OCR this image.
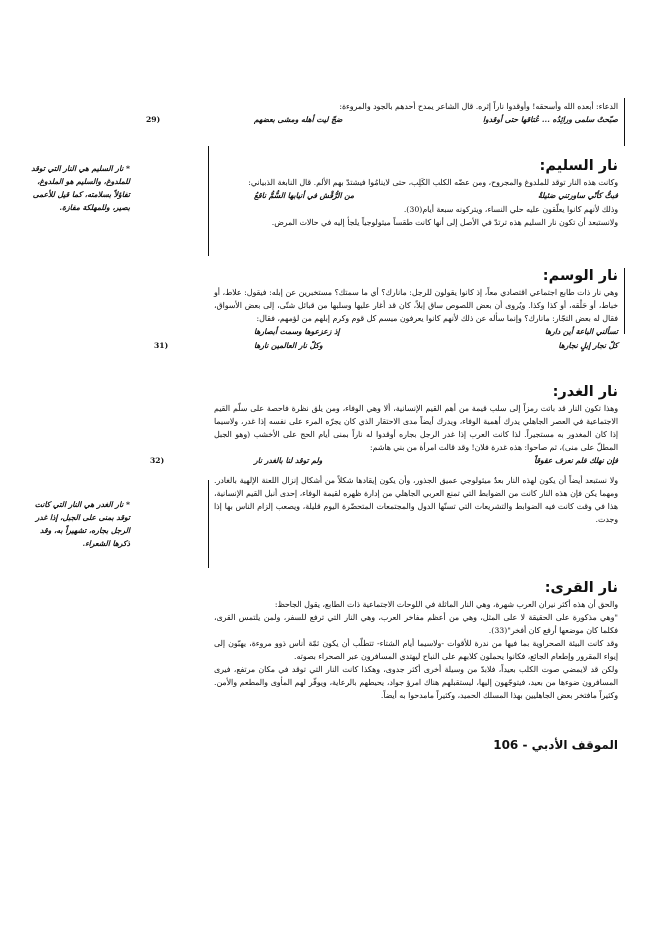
الدعاء: أبعده الله وأسحقه! وأوقدوا ناراً إثره. قال الشاعر يمدح أحدهم بالجود والمروءة:

صبّحتْ سلمى ورائِدُه ... عُتاقها حتى أوقدوا
ضجّ ليت أهله ومشى بعضهم
(29
نار السليم:

وكانت هذه النار توقد للملدوغ والمجروح، ومن عضّه الكلب الكَلِب، حتى لاينامُوا فيشتدّ بهم الألم. قال النابغة الذبياني:

فبتُّ كأنّي ساورتني ضئيلةٌ
من الرُّقْش في أنيابها السُّمُّ ناقعُ

وذلك لأنهم كانوا يعلّقون عليه حلي النساء، ويتركونه سبعة أيام(30).

ولانستبعد أن تكون نار السليم هذه ترتدّ في الأصل إلى أنها كانت طقساً ميثولوجياً يلجأ إليه في حالات المرض.

نار الوسم:

وهي نار ذات طابع اجتماعي اقتصادي معاً، إذ كانوا يقولون للرجل: مانارك؟ أي ما سمتك؟ مستخبرين عن إبله: فيقول: علاط، أو خباط، أو حَلْقه، أو كذا وكذا. ويُروى أن بعض اللصوص ساق إبلاً، كان قد أغار عليها وسلبها من قبائل شتّى، إلى بعض الأسواق، فقال له بعض التجّار: مانارك؟ وإنما سأله عن ذلك لأنهم كانوا يعرفون ميسم كل قوم وكرم إبلهم من لؤمهم، فقال:

تسألني الباعة أين دارها
إذ زعزعوها وسمت أبصارها
كلّ نجار إبلٍ نجارها
وكلّ نار العالمين نارها
(31
نار الغدر:

وهذا تكون النار قد باتت رمزاً إلى سلب قيمة من أهم القيم الإنسانية، ألا وهي الوفاء، ومن يلق نظرة فاحصة على سلّم القيم الاجتماعية في العصر الجاهلي يدرك أهمية الوفاء، ويدرك أيضاً مدى الاحتقار الذي كان يجرّه المرء على نفسه إذا غدر، ولاسيما إذا كان المغدور به مستجيراً. لذا كانت العرب إذا غدر الرجل بجاره أوقدوا له ناراً بمنى أيام الحج على الأخشب (وهو الجبل المطلّ على منى)، ثم صاحوا: هذه غدرة فلان! وقد قالت امرأة من بني هاشم:

فإن نهلك فلم نعرف عقوقاً
ولم توقد لنا بالغدر نار
(32

ولا نستبعد أيضاً أن يكون لهذه النار بعدٌ ميثولوجي عميق الجذور، وأن يكون إيقادها شكلاً من أشكال إنزال اللعنة الإلهية بالغادر. ومهما يكن فإن هذه النار كانت من الضوابط التي تمنع العربي الجاهلي من إدارة ظهره لقيمة الوفاء، إحدى أنبل القيم الإنسانية، هذا في وقت كانت فيه الضوابط والتشريعات التي تسنّها الدول والمجتمعات المتحضّرة اليوم قليلة، ويصعب إلزام الناس بها إذا وجدت.

نار القرى:

والحق أن هذه أكثر نيران العرب شهرة، وهي النار الماثلة في اللوحات الاجتماعية ذات الطابع، يقول الجاحظ:

"وهي مذكورة على الحقيقة لا على المثل، وهي من أعظم مفاخر العرب، وهي النار التي ترفع للسفر، ولمن يلتمس القرى، فكلما كان موضعها أرفع كان أفخر"(33).

وقد كانت البيئة الصحراوية بما فيها من ندرة للأقوات -ولاسيما أيام الشتاء- تتطلّب أن يكون ثمّة أناس ذوو مروءة، يهبّون إلى إيواء المقرور وإطعام الجائع، فكانوا يحملون كلابهم على النباح ليهتدي المسافرون عبر الصحراء بصوته.

ولكن قد لايمضي صوت الكلب بعيداً، فلابدّ من وسيلة أخرى أكثر جدوى، وهكذا كانت النار التي توقد في مكان مرتفع، فيرى المسافرون ضوءها من بعيد، فيتوجّهون إليها، ليستقبلهم هناك امرؤ جواد، يحيطهم بالرعاية، ويوفّر لهم المأوى والمطعم والأمن. وكثيراً مافتخر بعض الجاهليين بهذا المسلك الحميد، وكثيراً مامدحوا به أيضاً.

* نار السليم هي النار التي توقد للملدوغ، والسليم هو الملدوغ، تفاؤلاً بسلامته، كما قيل للأعمى بصير، وللمهلكة مفازة.
* نار الغدر هي النار التي كانت توقد بمنى على الجبل، إذا غدر الرجل بجاره، تشهيراً به، وقد ذكرها الشعراء.
الموقف الأدبي - 106
